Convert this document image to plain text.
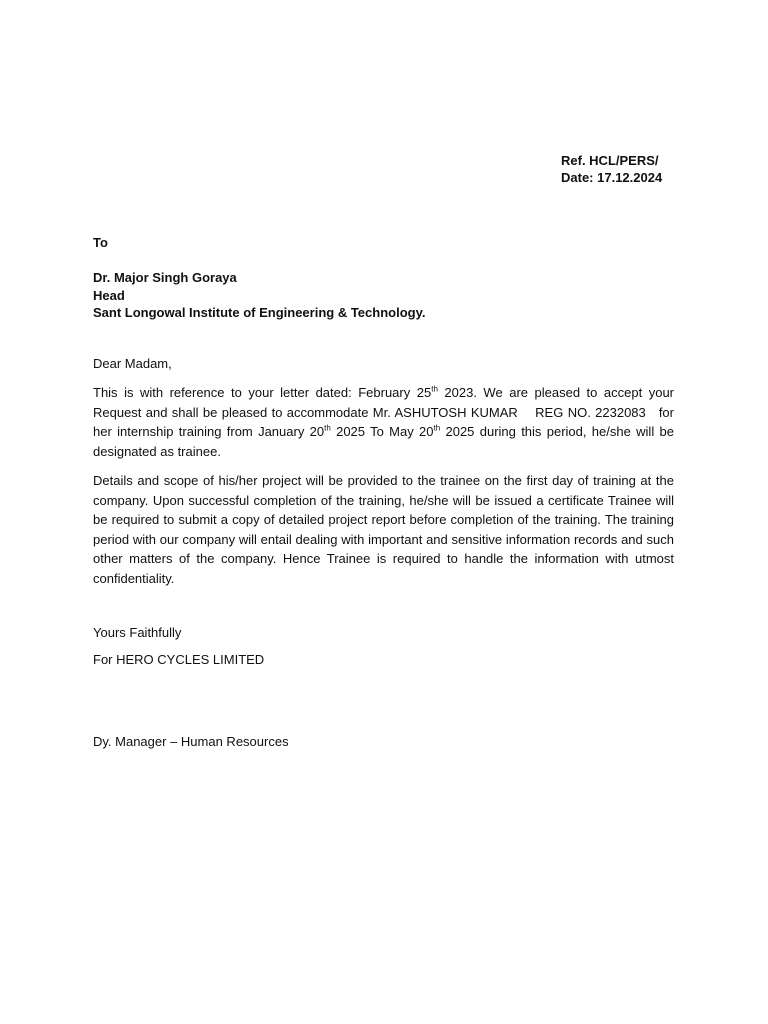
Ref. HCL/PERS/
Date: 17.12.2024
To
Dr. Major Singh Goraya
Head
Sant Longowal Institute of Engineering & Technology.
Dear Madam,

This is with reference to your letter dated: February 25th 2023. We are pleased to accept your Request and shall be pleased to accommodate Mr. ASHUTOSH KUMAR    REG NO. 2232083   for her internship training from January 20th 2025 To May 20th 2025 during this period, he/she will be designated as trainee.

Details and scope of his/her project will be provided to the trainee on the first day of training at the company. Upon successful completion of the training, he/she will be issued a certificate Trainee will be required to submit a copy of detailed project report before completion of the training. The training period with our company will entail dealing with important and sensitive information records and such other matters of the company. Hence Trainee is required to handle the information with utmost confidentiality.

Yours Faithfully
For HERO CYCLES LIMITED
Dy. Manager – Human Resources
